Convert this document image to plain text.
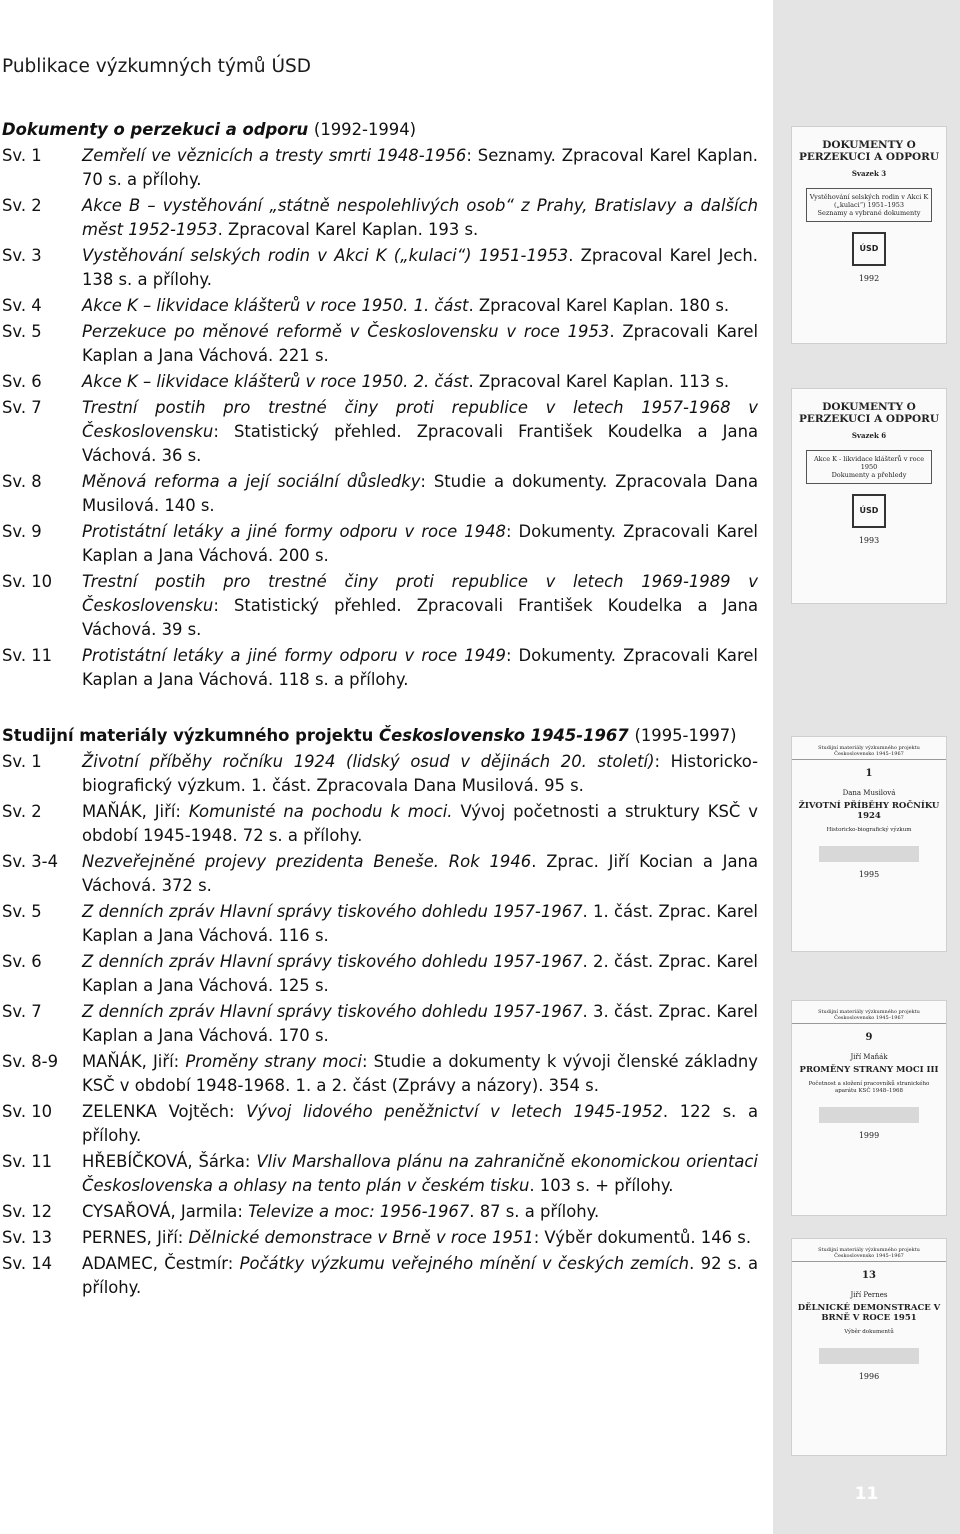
Publikace výzkumných týmů ÚSD
Dokumenty o perzekuci a odporu (1992-1994)
Sv. 1	Zemřelí ve věznicích a tresty smrti 1948-1956: Seznamy. Zpracoval Karel Kaplan. 70 s. a přílohy.
Sv. 2	Akce B – vystěhování „státně nespolehlivých osob“ z Prahy, Bratislavy a dalších měst 1952-1953. Zpracoval Karel Kaplan. 193 s.
Sv. 3	Vystěhování selských rodin v Akci K („kulaci“) 1951-1953. Zpracoval Karel Jech. 138 s. a přílohy.
Sv. 4	Akce K – likvidace klášterů v roce 1950. 1. část. Zpracoval Karel Kaplan. 180 s.
Sv. 5	Perzekuce po měnové reformě v Československu v roce 1953. Zpracovali Karel Kaplan a Jana Váchová. 221 s.
Sv. 6	Akce K – likvidace klášterů v roce 1950. 2. část. Zpracoval Karel Kaplan. 113 s.
Sv. 7	Trestní postih pro trestné činy proti republice v letech 1957-1968 v Československu: Statistický přehled. Zpracovali František Koudelka a Jana Váchová. 36 s.
Sv. 8	Měnová reforma a její sociální důsledky: Studie a dokumenty. Zpracovala Dana Musilová. 140 s.
Sv. 9	Protistátní letáky a jiné formy odporu v roce 1948: Dokumenty. Zpracovali Karel Kaplan a Jana Váchová. 200 s.
Sv. 10	Trestní postih pro trestné činy proti republice v letech 1969-1989 v Československu: Statistický přehled. Zpracovali František Koudelka a Jana Váchová. 39 s.
Sv. 11	Protistátní letáky a jiné formy odporu v roce 1949: Dokumenty. Zpracovali Karel Kaplan a Jana Váchová. 118 s. a přílohy.
Studijní materiály výzkumného projektu Československo 1945-1967 (1995-1997)
Sv. 1	Životní příběhy ročníku 1924 (lidský osud v dějinách 20. století): Historicko-biografický výzkum. 1. část. Zpracovala Dana Musilová. 95 s.
Sv. 2	MAŇÁK, Jiří: Komunisté na pochodu k moci. Vývoj početnosti a struktury KSČ v období 1945-1948. 72 s. a přílohy.
Sv. 3-4	Nezveřejněné projevy prezidenta Beneše. Rok 1946. Zprac. Jiří Kocian a Jana Váchová. 372 s.
Sv. 5	Z denních zpráv Hlavní správy tiskového dohledu 1957-1967. 1. část. Zprac. Karel Kaplan a Jana Váchová. 116 s.
Sv. 6	Z denních zpráv Hlavní správy tiskového dohledu 1957-1967. 2. část. Zprac. Karel Kaplan a Jana Váchová. 125 s.
Sv. 7	Z denních zpráv Hlavní správy tiskového dohledu 1957-1967. 3. část. Zprac. Karel Kaplan a Jana Váchová. 170 s.
Sv. 8-9	MAŇÁK, Jiří: Proměny strany moci: Studie a dokumenty k vývoji členské základny KSČ v období 1948-1968. 1. a 2. část (Zprávy a názory). 354 s.
Sv. 10	ZELENKA Vojtěch: Vývoj lidového peněžnictví v letech 1945-1952. 122 s. a přílohy.
Sv. 11	HŘEBÍČKOVÁ, Šárka: Vliv Marshallova plánu na zahraničně ekonomickou orientaci Československa a ohlasy na tento plán v českém tisku. 103 s. + přílohy.
Sv. 12	CYSAŘOVÁ, Jarmila: Televize a moc: 1956-1967. 87 s. a přílohy.
Sv. 13	PERNES, Jiří: Dělnické demonstrace v Brně v roce 1951: Výběr dokumentů. 146 s.
Sv. 14	ADAMEC, Čestmír: Počátky výzkumu veřejného mínění v českých zemích. 92 s. a přílohy.
DOKUMENTY O PERZEKUCI A ODPORU
Svazek 3
Vystěhování selských rodin v Akci K („kulaci“) 1951–1953
Seznamy a vybrané dokumenty
ÚSD
1992
DOKUMENTY O PERZEKUCI A ODPORU
Svazek 6
Akce K - likvidace klášterů v roce 1950
Dokumenty a přehledy
ÚSD
1993
Studijní materiály výzkumného projektu Československo 1945–1967
1
Dana Musilová
ŽIVOTNÍ PŘÍBĚHY ROČNÍKU 1924
Historicko-biografický výzkum
1995
Studijní materiály výzkumného projektu Československo 1945–1967
9
Jiří Maňák
PROMĚNY STRANY MOCI III
Početnost a složení pracovníků stranického aparátu KSČ 1948–1968
1999
Studijní materiály výzkumného projektu Československo 1945–1967
13
Jiří Pernes
DĚLNICKÉ DEMONSTRACE V BRNĚ V ROCE 1951
Výběr dokumentů
1996
11
